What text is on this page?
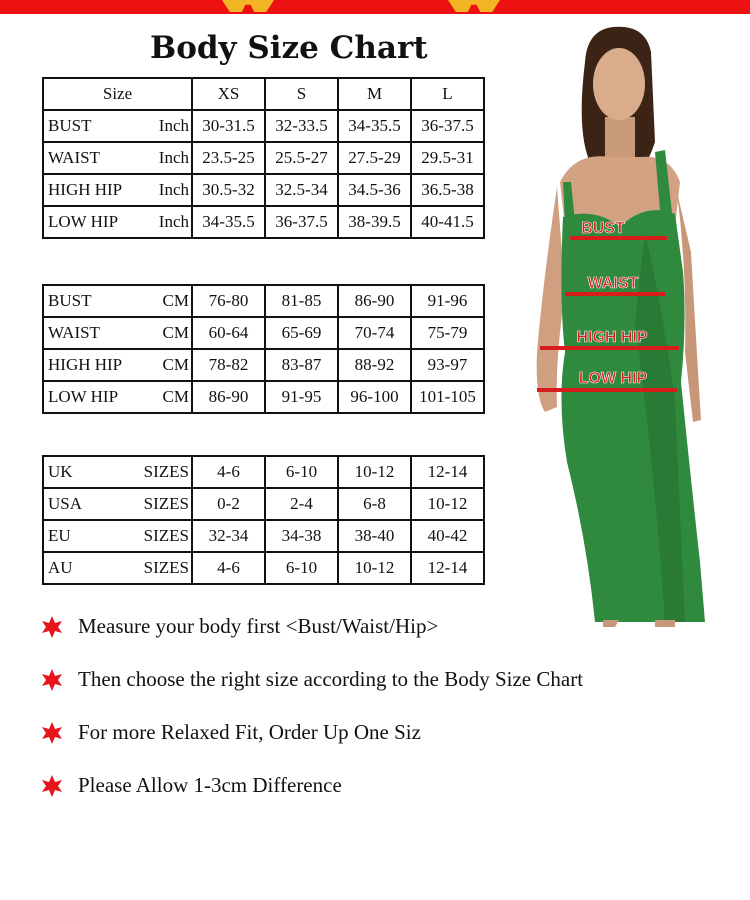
Body Size Chart
Size	XS	S	M	L

BUST Inch	30-31.5	32-33.5	34-35.5	36-37.5

WAIST Inch	23.5-25	25.5-27	27.5-29	29.5-31

HIGH HIP Inch	30.5-32	32.5-34	34.5-36	36.5-38

LOW HIP Inch	34-35.5	36-37.5	38-39.5	40-41.5
BUST CM	76-80	81-85	86-90	91-96

WAIST CM	60-64	65-69	70-74	75-79

HIGH HIP CM	78-82	83-87	88-92	93-97

LOW HIP CM	86-90	91-95	96-100	101-105
UK SIZES	4-6	6-10	10-12	12-14

USA SIZES	0-2	2-4	6-8	10-12

EU SIZES	32-34	34-38	38-40	40-42

AU SIZES	4-6	6-10	10-12	12-14
BUST
WAIST
HIGH HIP
LOW HIP
Measure your body first <Bust/Waist/Hip>
Then choose the right size according to the Body Size Chart
For more Relaxed Fit, Order Up One Siz
Please Allow 1-3cm Difference
